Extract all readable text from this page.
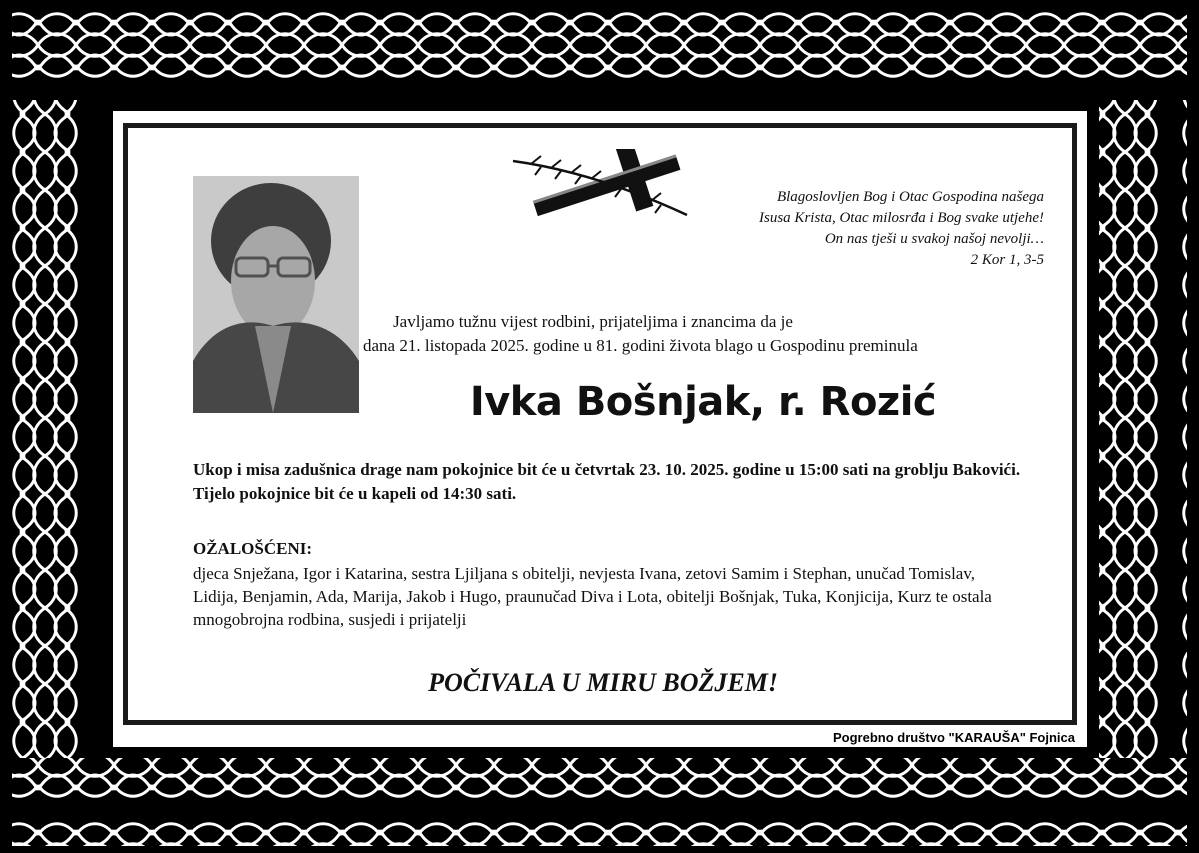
Blagoslovljen Bog i Otac Gospodina našega
Isusa Krista, Otac milosrđa i Bog svake utjehe!
On nas tješi u svakoj našoj nevolji…
2 Kor 1, 3-5
Javljamo tužnu vijest rodbini, prijateljima i znancima da je
dana 21. listopada 2025. godine u 81. godini života blago u Gospodinu preminula
Ivka Bošnjak, r. Rozić
Ukop i misa zadušnica drage nam pokojnice bit će u četvrtak 23. 10. 2025. godine u 15:00 sati na groblju Bakovići. Tijelo pokojnice bit će u kapeli od 14:30 sati.
OŽALOŠĆENI:
djeca Snježana, Igor i Katarina, sestra Ljiljana s obitelji, nevjesta Ivana, zetovi Samim i Stephan, unučad Tomislav, Lidija, Benjamin, Ada, Marija, Jakob i Hugo, praunučad Diva i Lota, obitelji Bošnjak, Tuka, Konjicija, Kurz te ostala mnogobrojna rodbina, susjedi i prijatelji
POČIVALA U MIRU BOŽJEM!
Pogrebno društvo "KARAUŠA" Fojnica
